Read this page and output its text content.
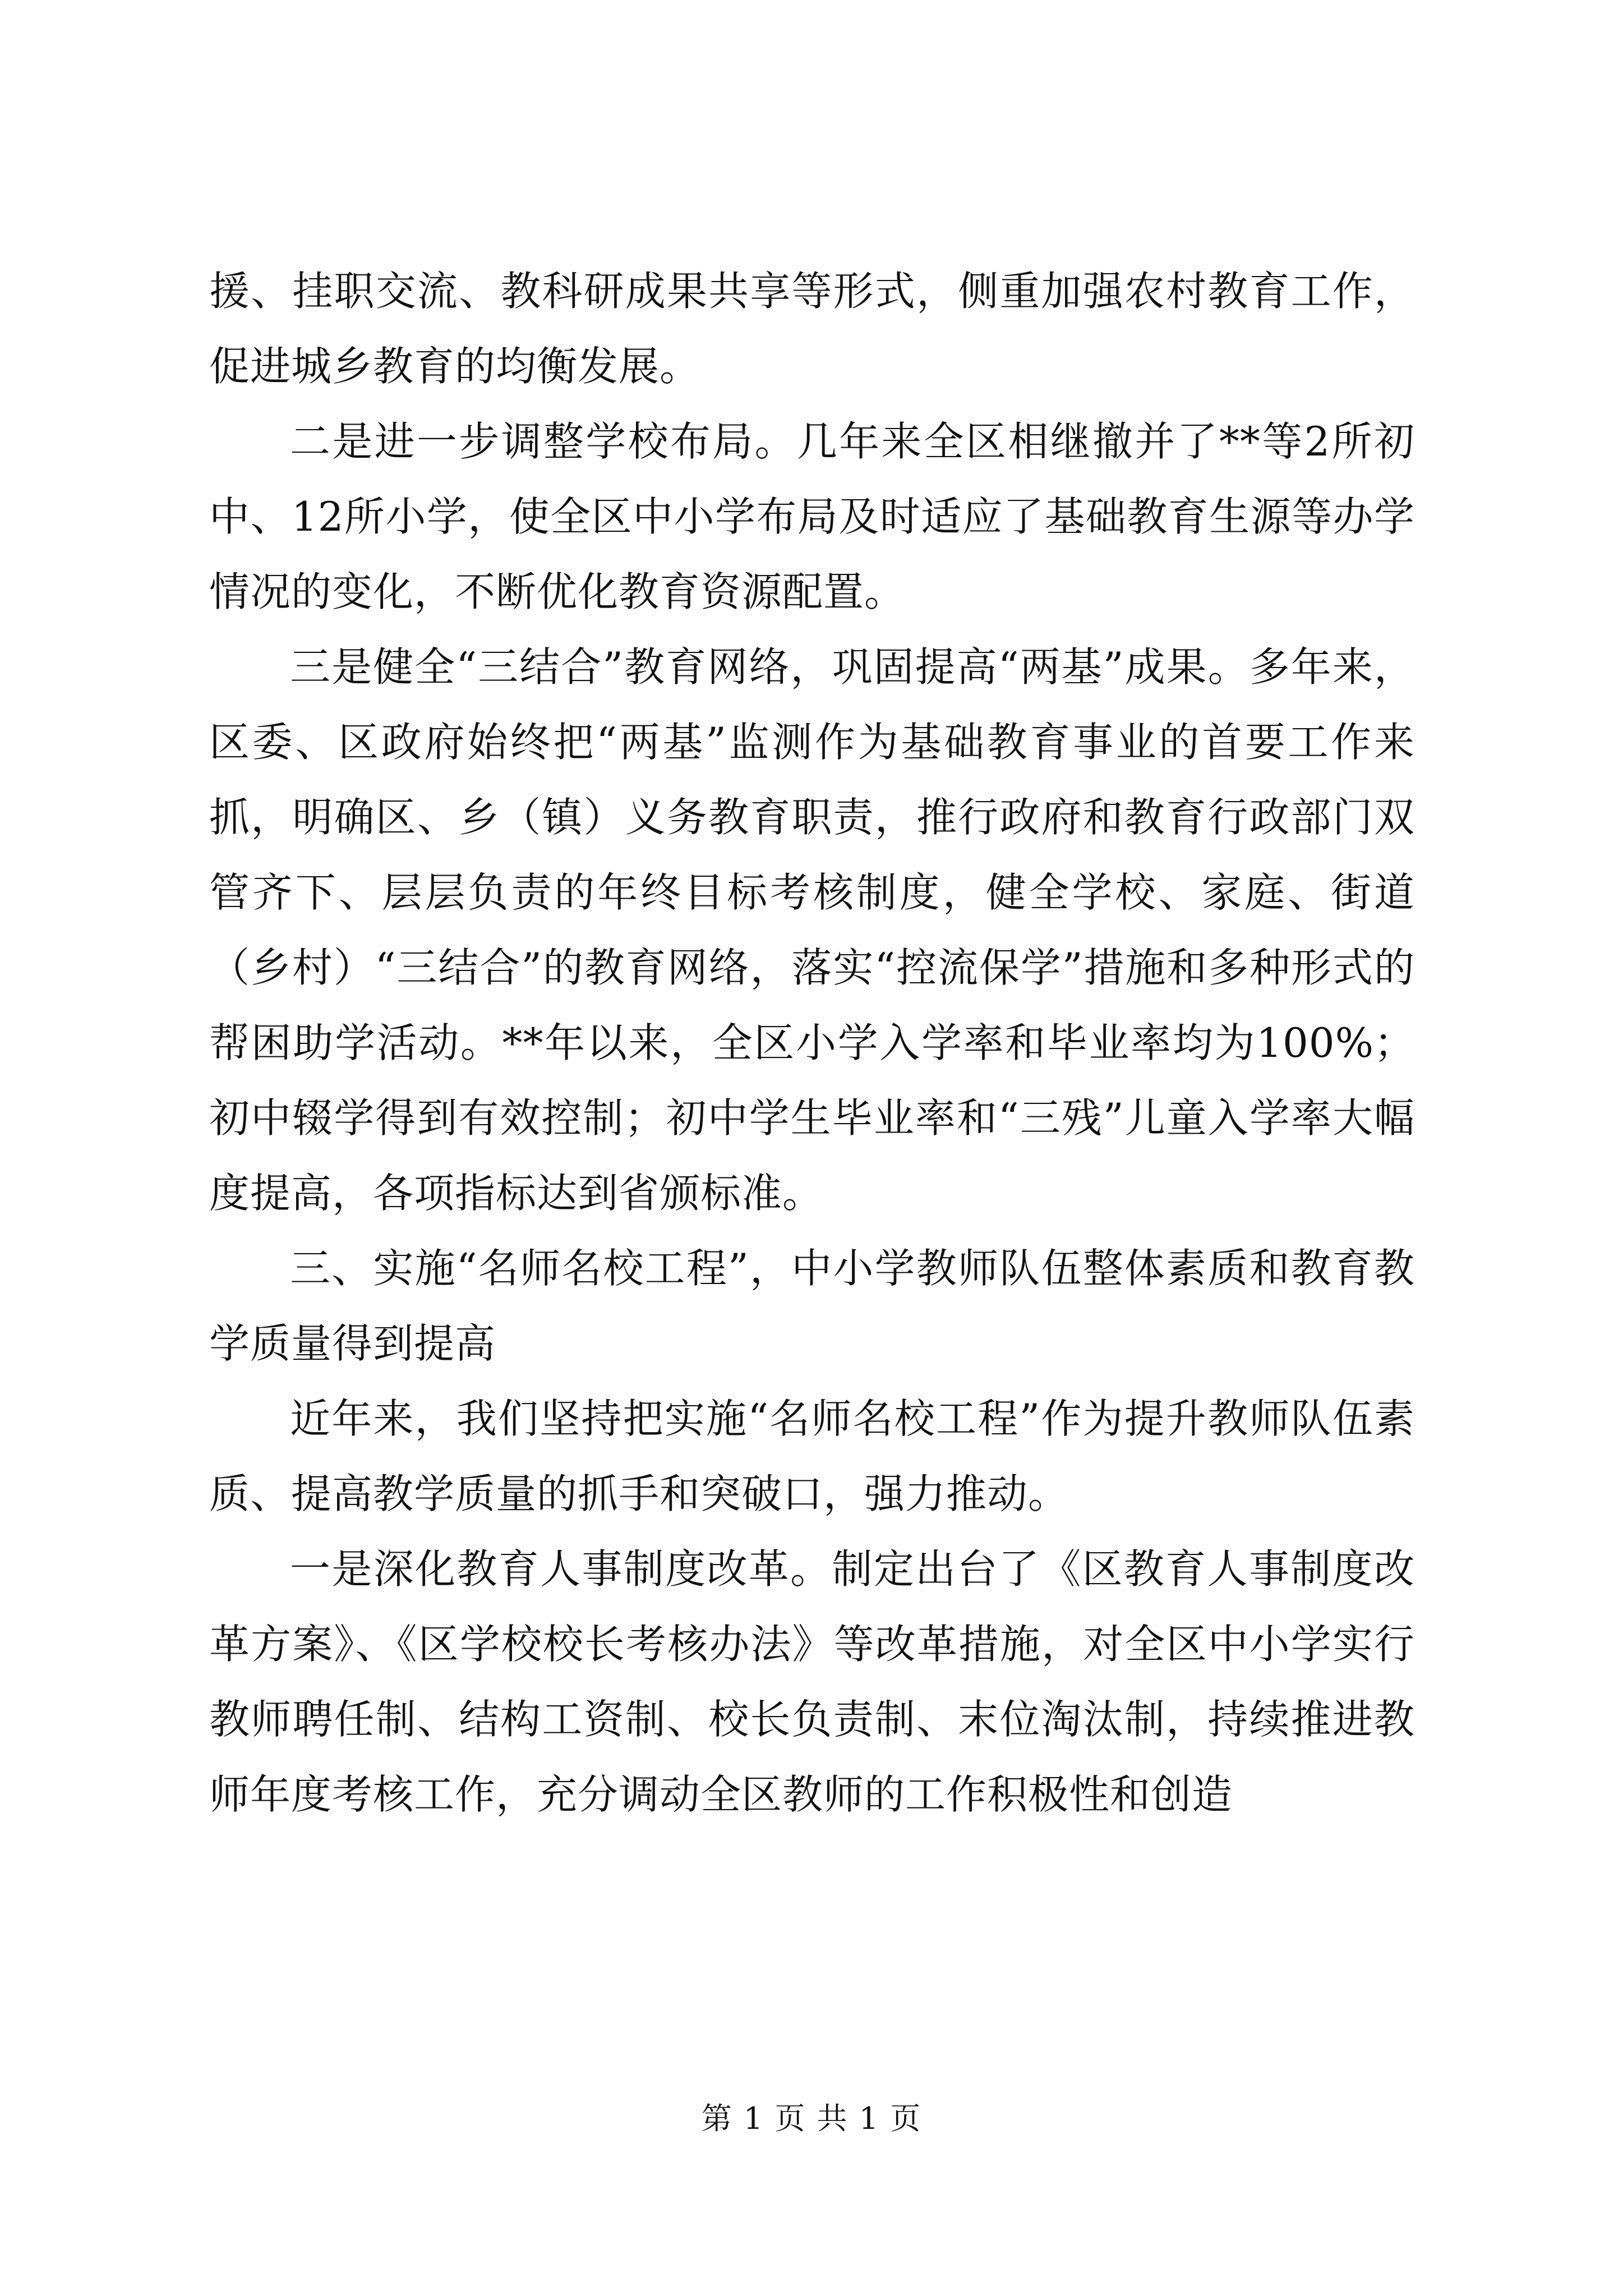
援、挂职交流、教科研成果共享等形式，侧重加强农村教育工作，促进城乡教育的均衡发展。

二是进一步调整学校布局。几年来全区相继撤并了**等2所初中、12所小学，使全区中小学布局及时适应了基础教育生源等办学情况的变化，不断优化教育资源配置。

三是健全“三结合”教育网络，巩固提高“两基”成果。多年来，区委、区政府始终把“两基”监测作为基础教育事业的首要工作来抓，明确区、乡（镇）义务教育职责，推行政府和教育行政部门双管齐下、层层负责的年终目标考核制度，健全学校、家庭、街道（乡村）“三结合”的教育网络，落实“控流保学”措施和多种形式的帮困助学活动。**年以来，全区小学入学率和毕业率均为100%；初中辍学得到有效控制；初中学生毕业率和“三残”儿童入学率大幅度提高，各项指标达到省颁标准。

三、实施“名师名校工程”，中小学教师队伍整体素质和教育教学质量得到提高

近年来，我们坚持把实施“名师名校工程”作为提升教师队伍素质、提高教学质量的抓手和突破口，强力推动。

一是深化教育人事制度改革。制定出台了《区教育人事制度改革方案》、《区学校校长考核办法》等改革措施，对全区中小学实行教师聘任制、结构工资制、校长负责制、末位淘汰制，持续推进教师年度考核工作，充分调动全区教师的工作积极性和创造

第 1 页 共 1 页
